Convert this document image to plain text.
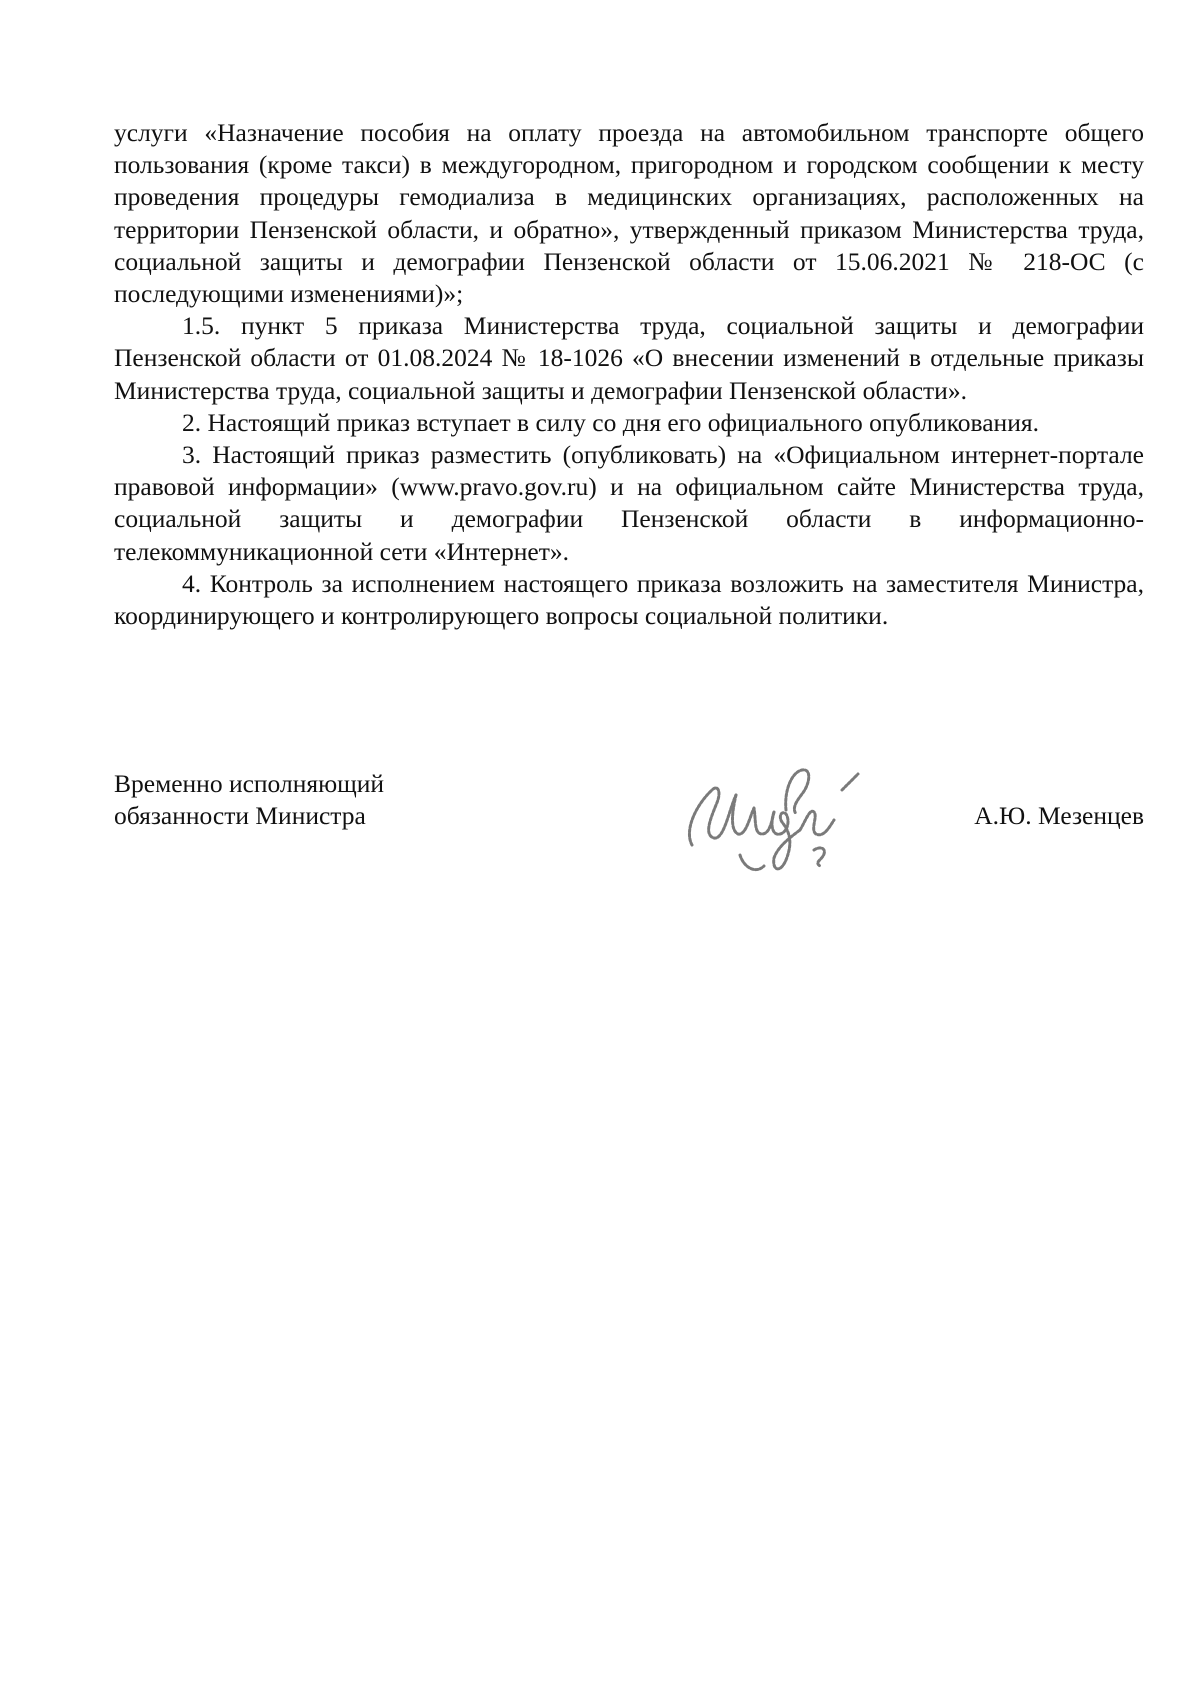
услуги «Назначение пособия на оплату проезда на автомобильном транспорте общего пользования (кроме такси) в междугородном, пригородном и городском сообщении к месту проведения процедуры гемодиализа в медицинских организациях, расположенных на территории Пензенской области, и обратно», утвержденный приказом Министерства труда, социальной защиты и демографии Пензенской области от 15.06.2021 № 218-ОС (с последующими изменениями)»;

1.5. пункт 5 приказа Министерства труда, социальной защиты и демографии Пензенской области от 01.08.2024 № 18-1026 «О внесении изменений в отдельные приказы Министерства труда, социальной защиты и демографии Пензенской области».

2. Настоящий приказ вступает в силу со дня его официального опубликования.

3. Настоящий приказ разместить (опубликовать) на «Официальном интернет-портале правовой информации» (www.pravo.gov.ru) и на официальном сайте Министерства труда, социальной защиты и демографии Пензенской области в информационно-телекоммуникационной сети «Интернет».

4. Контроль за исполнением настоящего приказа возложить на заместителя Министра, координирующего и контролирующего вопросы социальной политики.

Временно исполняющий
обязанности Министра	А.Ю. Мезенцев
